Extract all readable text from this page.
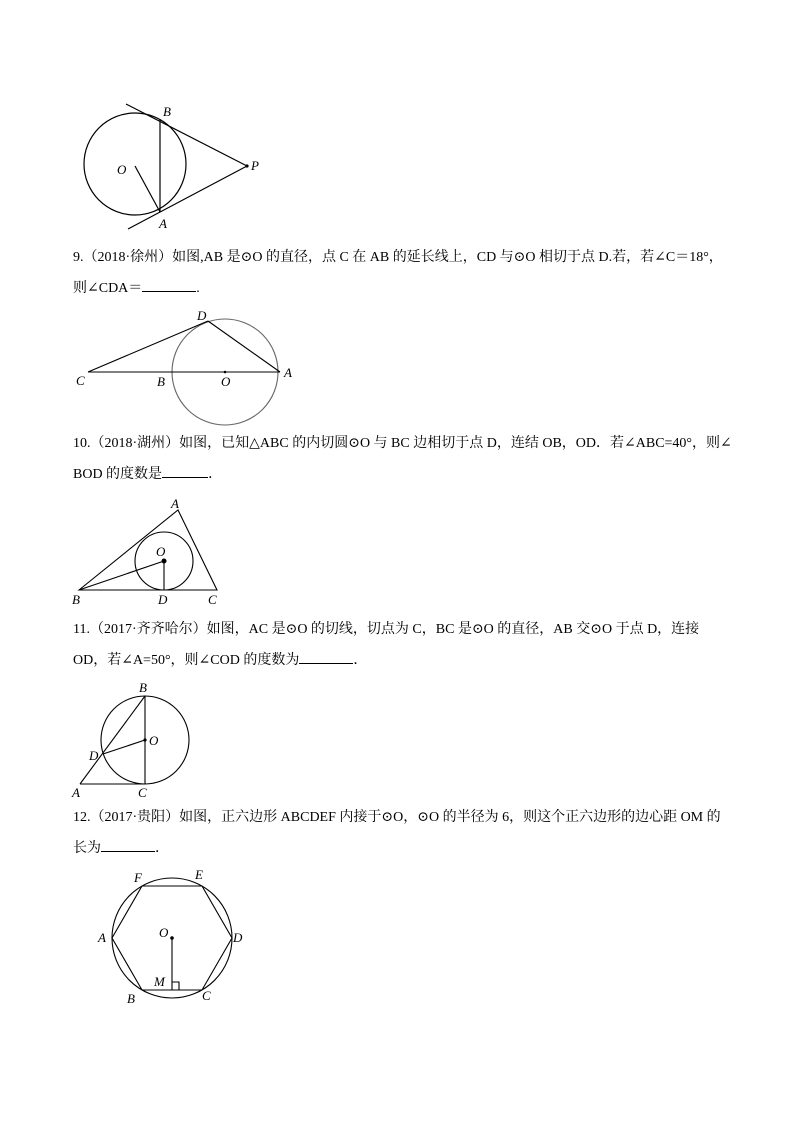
B
O	P
A
9.（2018·徐州）如图,AB 是⊙O 的直径，点 C 在 AB 的延长线上，CD 与⊙O 相切于点 D.若，若∠C＝18°，
则∠CDA＝	.
D
C	B	O
A
10.（2018·湖州）如图，已知△ABC 的内切圆⊙O 与 BC 边相切于点 D，连结 OB，OD．若∠ABC=40°，则∠
BOD 的度数是	．
A
O
B	D	C
11.（2017·齐齐哈尔）如图，AC 是⊙O 的切线，切点为 C，BC 是⊙O 的直径，AB 交⊙O 于点 D，连接
OD，若∠A=50°，则∠COD 的度数为	．
B
O
D
A	C
12.（2017·贵阳）如图，正六边形 ABCDEF 内接于⊙O，⊙O 的半径为 6，则这个正六边形的边心距 OM 的
长为	．
F	E
A	O	D
M
B	C
